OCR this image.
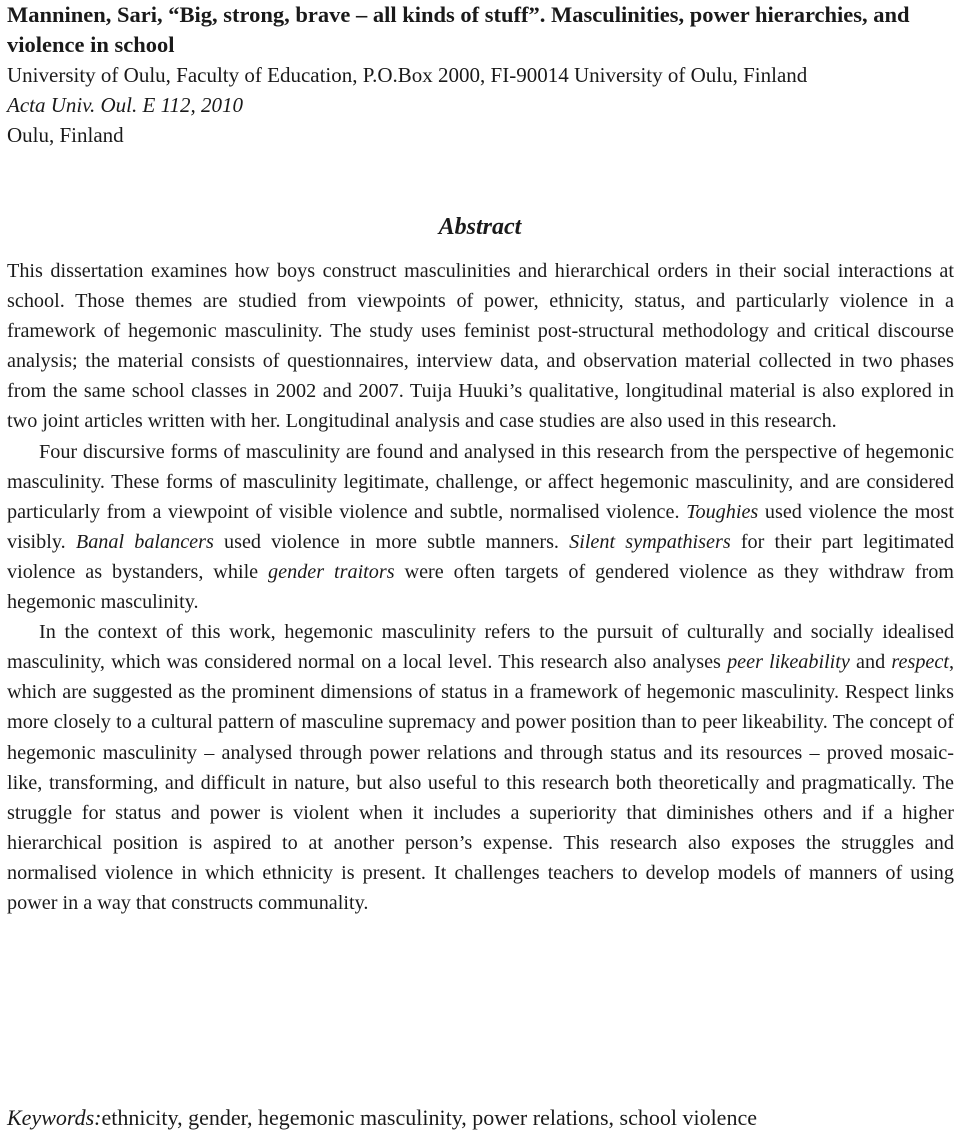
Manninen, Sari, “Big, strong, brave – all kinds of stuff”. Masculinities, power hierarchies, and violence in school

University of Oulu, Faculty of Education, P.O.Box 2000, FI-90014 University of Oulu, Finland

Acta Univ. Oul. E 112, 2010

Oulu, Finland

Abstract

This dissertation examines how boys construct masculinities and hierarchical orders in their social interactions at school. Those themes are studied from viewpoints of power, ethnicity, status, and particularly violence in a framework of hegemonic masculinity. The study uses feminist post-structural methodology and critical discourse analysis; the material consists of questionnaires, interview data, and observation material collected in two phases from the same school classes in 2002 and 2007. Tuija Huuki’s qualitative, longitudinal material is also explored in two joint articles written with her. Longitudinal analysis and case studies are also used in this research.

Four discursive forms of masculinity are found and analysed in this research from the perspective of hegemonic masculinity. These forms of masculinity legitimate, challenge, or affect hegemonic masculinity, and are considered particularly from a viewpoint of visible violence and subtle, normalised violence. Toughies used violence the most visibly. Banal balancers used violence in more subtle manners. Silent sympathisers for their part legitimated violence as bystanders, while gender traitors were often targets of gendered violence as they withdraw from hegemonic masculinity.

In the context of this work, hegemonic masculinity refers to the pursuit of culturally and socially idealised masculinity, which was considered normal on a local level. This research also analyses peer likeability and respect, which are suggested as the prominent dimensions of status in a framework of hegemonic masculinity. Respect links more closely to a cultural pattern of masculine supremacy and power position than to peer likeability. The concept of hegemonic masculinity – analysed through power relations and through status and its resources – proved mosaic-like, transforming, and difficult in nature, but also useful to this research both theoretically and pragmatically. The struggle for status and power is violent when it includes a superiority that diminishes others and if a higher hierarchical position is aspired to at another person’s expense. This research also exposes the struggles and normalised violence in which ethnicity is present. It challenges teachers to develop models of manners of using power in a way that constructs communality.

Keywords:ethnicity, gender, hegemonic masculinity, power relations, school violence
